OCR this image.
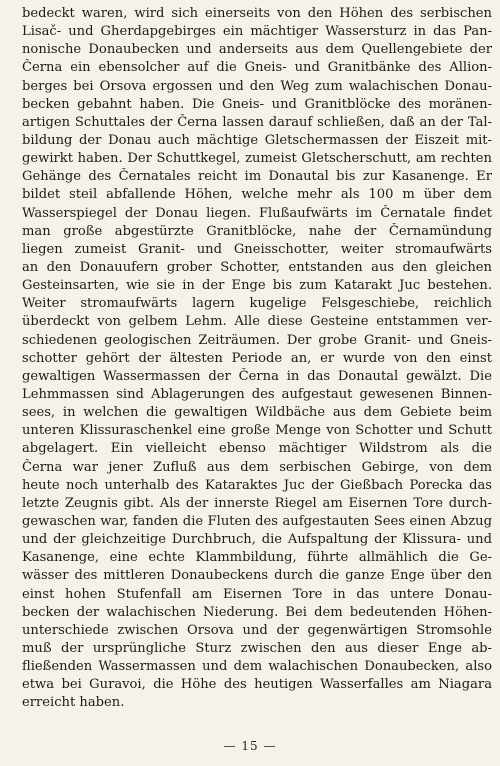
bedeckt waren, wird sich einerseits von den Höhen des serbischen
Lisač- und Gherdapgebirges ein mächtiger Wassersturz in das Pan-
nonische Donaubecken und anderseits aus dem Quellengebiete der
Černa ein ebensolcher auf die Gneis- und Granitbänke des Allion-
berges bei Orsova ergossen und den Weg zum walachischen Donau-
becken gebahnt haben. Die Gneis- und Granitblöcke des moränen-
artigen Schuttales der Černa lassen darauf schließen, daß an der Tal-
bildung der Donau auch mächtige Gletschermassen der Eiszeit mit-
gewirkt haben. Der Schuttkegel, zumeist Gletscherschutt, am rechten
Gehänge des Černatales reicht im Donautal bis zur Kasanenge. Er
bildet steil abfallende Höhen, welche mehr als 100 m über dem
Wasserspiegel der Donau liegen. Flußaufwärts im Černatale findet
man große abgestürzte Granitblöcke, nahe der Černamündung
liegen zumeist Granit- und Gneisschotter, weiter stromaufwärts
an den Donauufern grober Schotter, entstanden aus den gleichen
Gesteinsarten, wie sie in der Enge bis zum Katarakt Juc bestehen.
Weiter stromaufwärts lagern kugelige Felsgeschiebe, reichlich
überdeckt von gelbem Lehm. Alle diese Gesteine entstammen ver-
schiedenen geologischen Zeiträumen. Der grobe Granit- und Gneis-
schotter gehört der ältesten Periode an, er wurde von den einst
gewaltigen Wassermassen der Černa in das Donautal gewälzt. Die
Lehmmassen sind Ablagerungen des aufgestaut gewesenen Binnen-
sees, in welchen die gewaltigen Wildbäche aus dem Gebiete beim
unteren Klissuraschenkel eine große Menge von Schotter und Schutt
abgelagert. Ein vielleicht ebenso mächtiger Wildstrom als die
Černa war jener Zufluß aus dem serbischen Gebirge, von dem
heute noch unterhalb des Kataraktes Juc der Gießbach Porecka das
letzte Zeugnis gibt. Als der innerste Riegel am Eisernen Tore durch-
gewaschen war, fanden die Fluten des aufgestauten Sees einen Abzug
und der gleichzeitige Durchbruch, die Aufspaltung der Klissura- und
Kasanenge, eine echte Klammbildung, führte allmählich die Ge-
wässer des mittleren Donaubeckens durch die ganze Enge über den
einst hohen Stufenfall am Eisernen Tore in das untere Donau-
becken der walachischen Niederung. Bei dem bedeutenden Höhen-
unterschiede zwischen Orsova und der gegenwärtigen Stromsohle
muß der ursprüngliche Sturz zwischen den aus dieser Enge ab-
fließenden Wassermassen und dem walachischen Donaubecken, also
etwa bei Guravoi, die Höhe des heutigen Wasserfalles am Niagara
erreicht haben.
— 15 —
